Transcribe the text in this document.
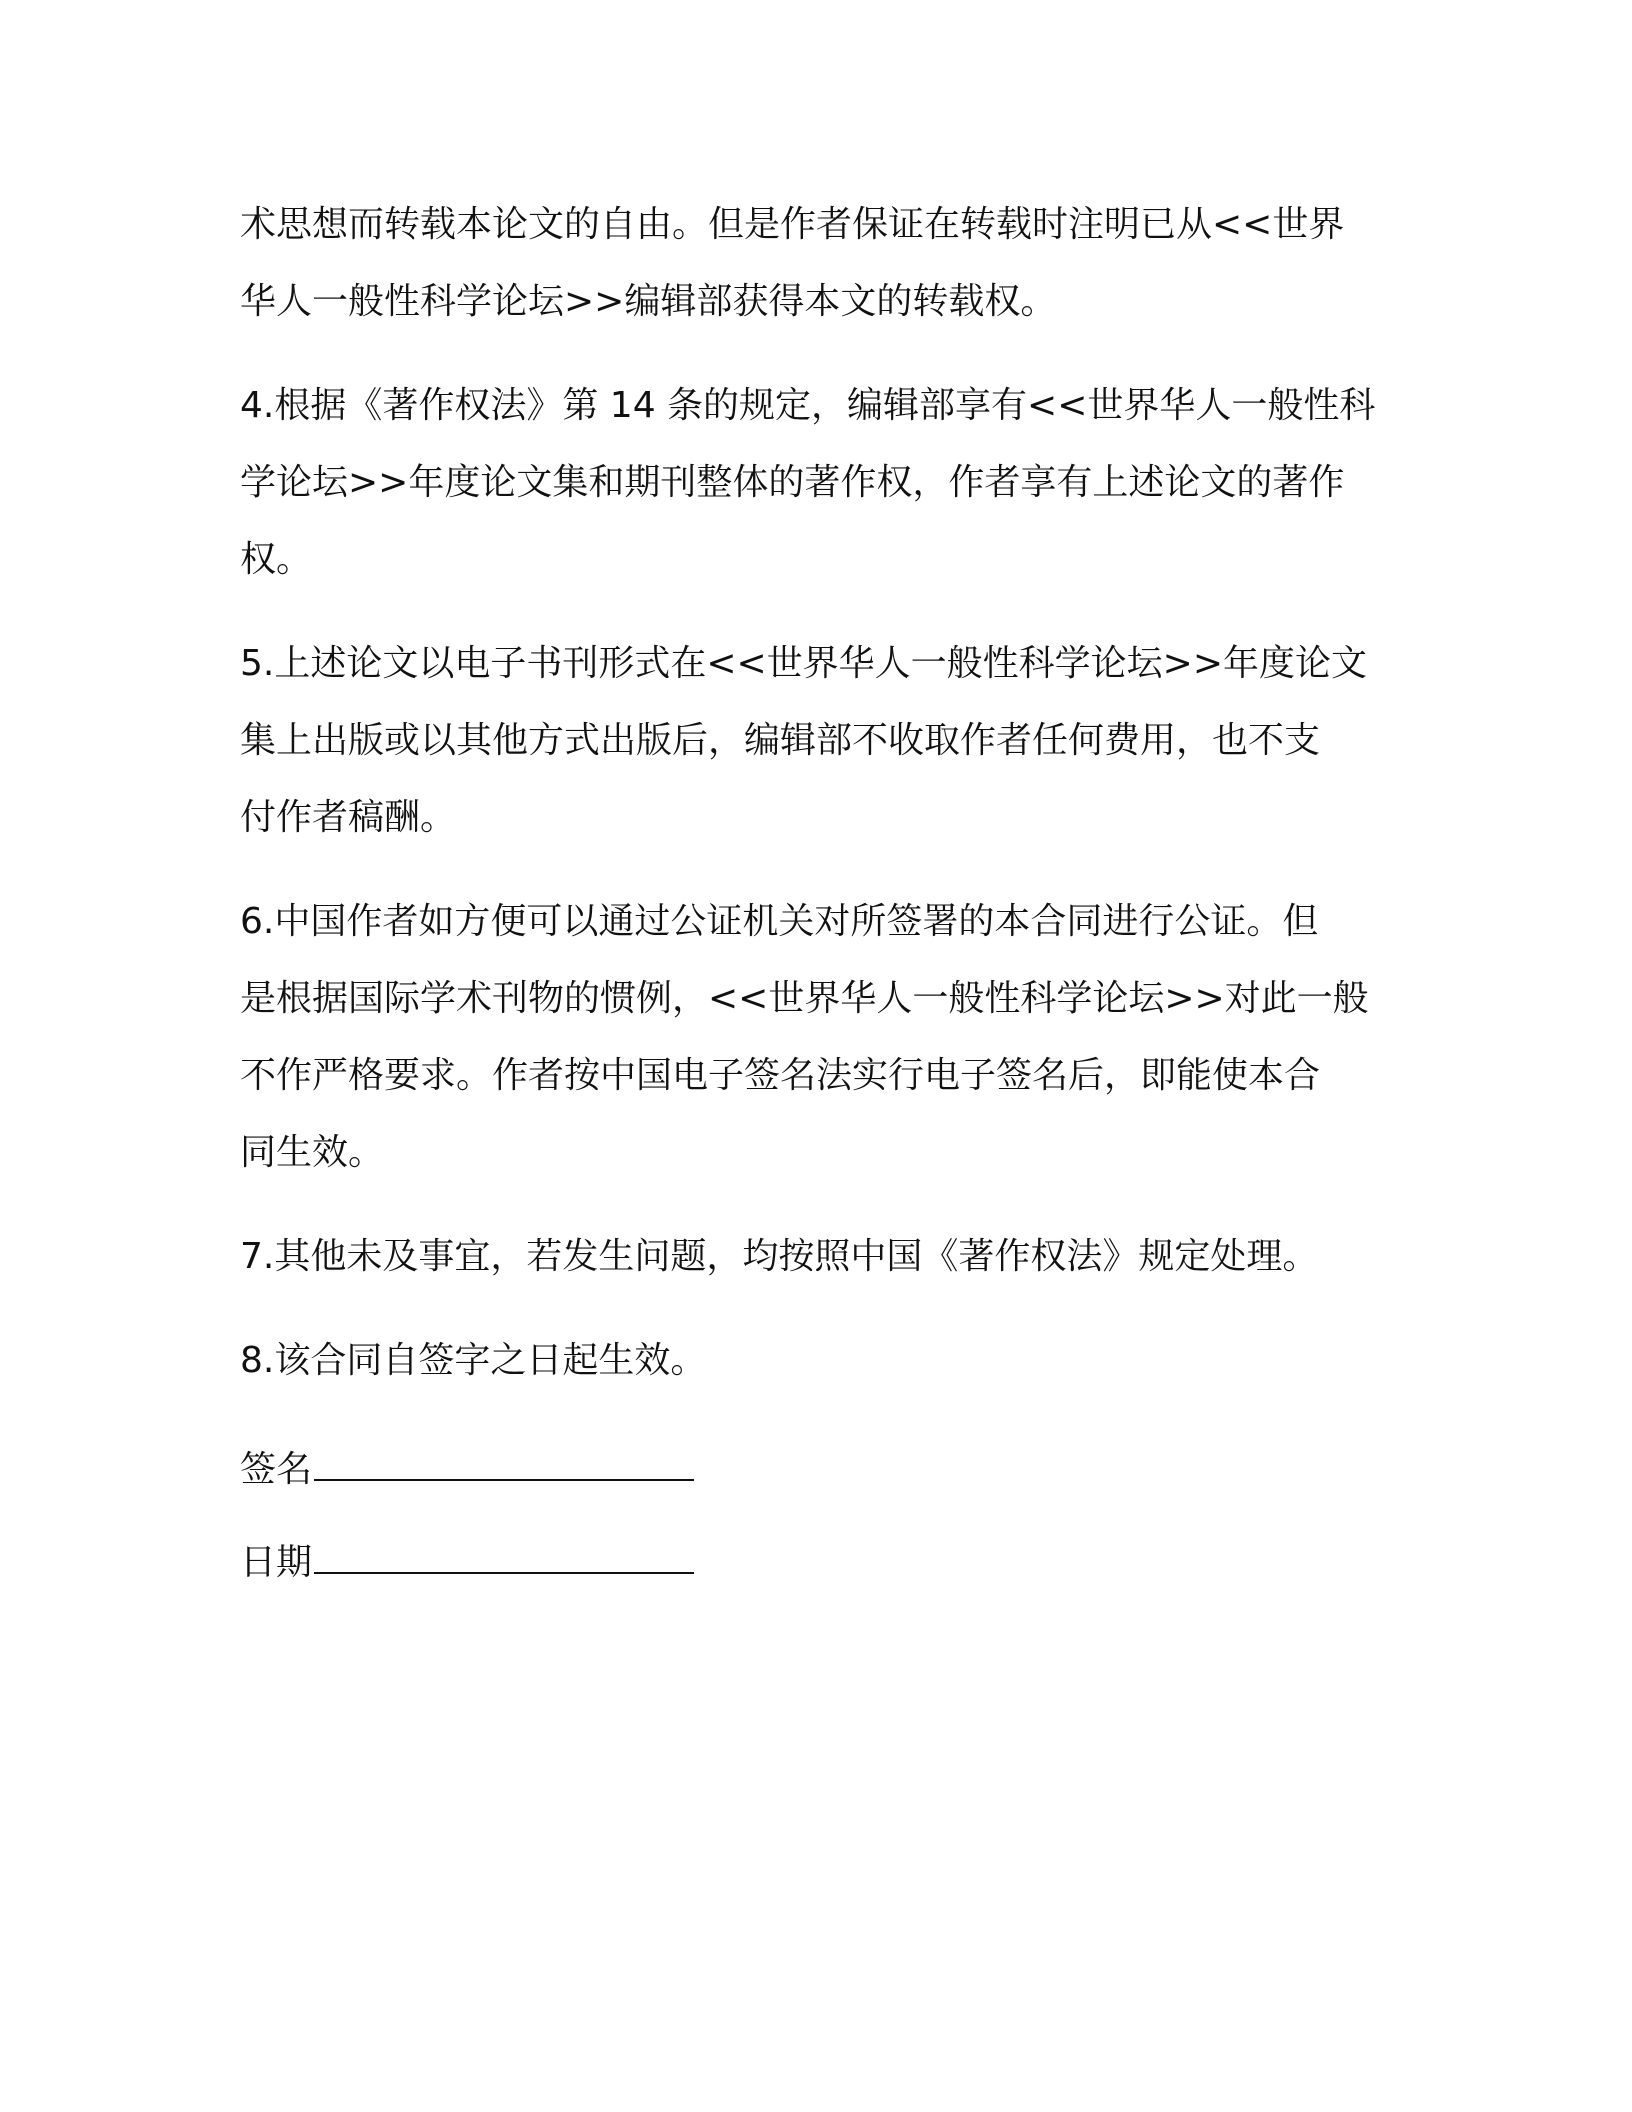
术思想而转载本论文的自由。但是作者保证在转载时注明已从<<世界
华人一般性科学论坛>>编辑部获得本文的转载权。

4.根据《著作权法》第 14 条的规定，编辑部享有<<世界华人一般性科
学论坛>>年度论文集和期刊整体的著作权，作者享有上述论文的著作
权。

5.上述论文以电子书刊形式在<<世界华人一般性科学论坛>>年度论文
集上出版或以其他方式出版后，编辑部不收取作者任何费用，也不支
付作者稿酬。

6.中国作者如方便可以通过公证机关对所签署的本合同进行公证。但
是根据国际学术刊物的惯例，<<世界华人一般性科学论坛>>对此一般
不作严格要求。作者按中国电子签名法实行电子签名后，即能使本合
同生效。

7.其他未及事宜，若发生问题，均按照中国《著作权法》规定处理。

8.该合同自签字之日起生效。

签名
日期
